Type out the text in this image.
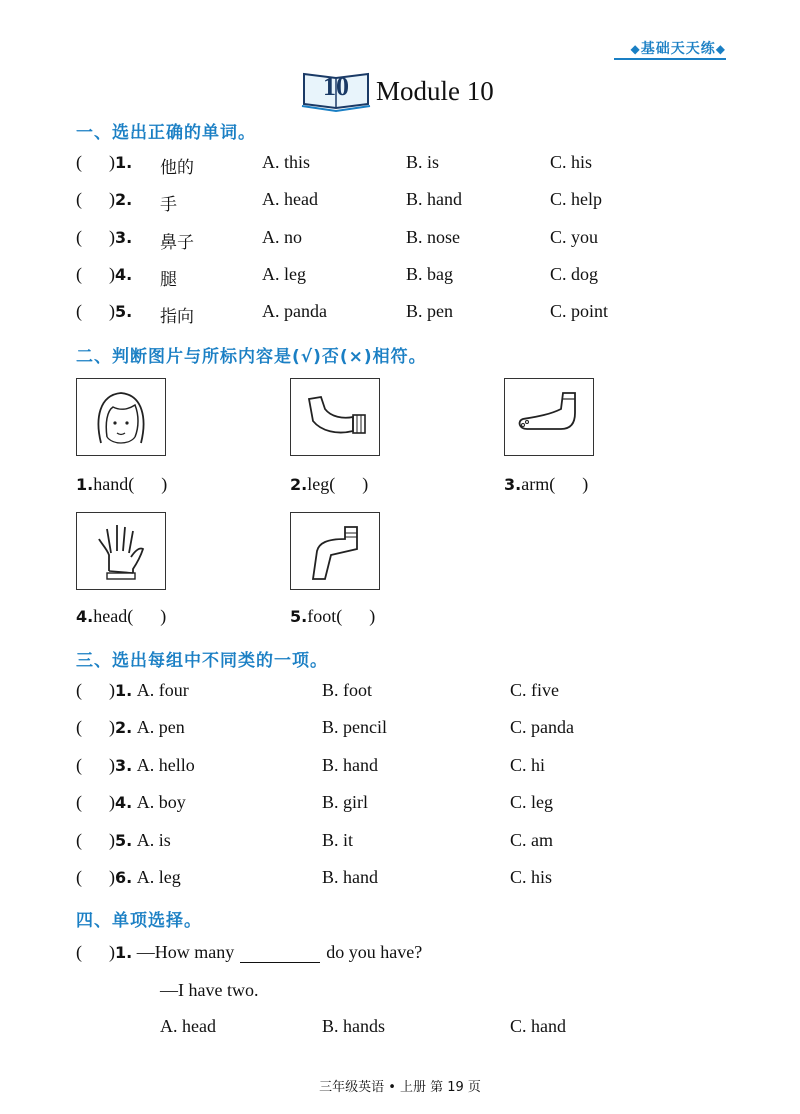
◆基础天天练◆
10	Module 10
一、选出正确的单词。
(      )1. 他的	A. this	B. is	C. his
(      )2. 手	A. head	B. hand	C. help
(      )3. 鼻子	A. no	B. nose	C. you
(      )4. 腿	A. leg	B. bag	C. dog
(      )5. 指向	A. panda	B. pen	C. point
二、判断图片与所标内容是(√)否(×)相符。
1.hand(      )	2.leg(      )	3.arm(      )
4.head(      )	5.foot(      )
三、选出每组中不同类的一项。
(      )1. A. four	B. foot	C. five
(      )2. A. pen	B. pencil	C. panda
(      )3. A. hello	B. hand	C. hi
(      )4. A. boy	B. girl	C. leg
(      )5. A. is	B. it	C. am
(      )6. A. leg	B. hand	C. his
四、单项选择。
(      )1. —How many	do you have?
—I have two.
A. head	B. hands	C. hand
三年级英语 • 上册 第 19 页
